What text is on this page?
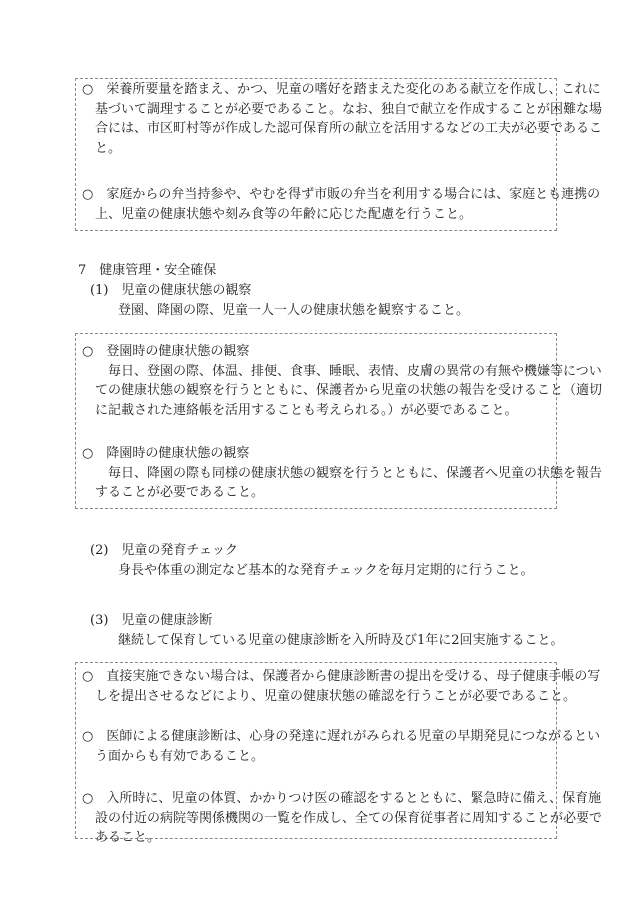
○　栄養所要量を踏まえ、かつ、児童の嗜好を踏まえた変化のある献立を作成し、これに
　基づいて調理することが必要であること。なお、独自で献立を作成することが困難な場
　合には、市区町村等が作成した認可保育所の献立を活用するなどの工夫が必要であるこ
　と。
○　家庭からの弁当持参や、やむを得ず市販の弁当を利用する場合には、家庭とも連携の
　上、児童の健康状態や刻み食等の年齢に応じた配慮を行うこと。
7　健康管理・安全確保
(1)　児童の健康状態の観察
登園、降園の際、児童一人一人の健康状態を観察すること。
○　登園時の健康状態の観察
　　毎日、登園の際、体温、排便、食事、睡眠、表情、皮膚の異常の有無や機嫌等につい
　ての健康状態の観察を行うとともに、保護者から児童の状態の報告を受けること（適切
　に記載された連絡帳を活用することも考えられる。）が必要であること。
○　降園時の健康状態の観察
　　毎日、降園の際も同様の健康状態の観察を行うとともに、保護者へ児童の状態を報告
　することが必要であること。
(2)　児童の発育チェック
身長や体重の測定など基本的な発育チェックを毎月定期的に行うこと。
(3)　児童の健康診断
継続して保育している児童の健康診断を入所時及び1年に2回実施すること。
○　直接実施できない場合は、保護者から健康診断書の提出を受ける、母子健康手帳の写
　しを提出させるなどにより、児童の健康状態の確認を行うことが必要であること。
○　医師による健康診断は、心身の発達に遅れがみられる児童の早期発見につながるとい
　う面からも有効であること。
○　入所時に、児童の体質、かかりつけ医の確認をするとともに、緊急時に備え、保育施
　設の付近の病院等関係機関の一覧を作成し、全ての保育従事者に周知することが必要で
　あること。
